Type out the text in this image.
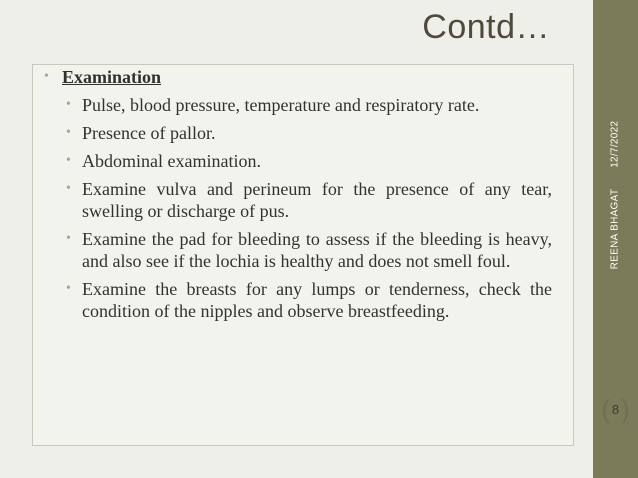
Contd…
• Examination
• Pulse, blood pressure, temperature and respiratory rate.
• Presence of pallor.
• Abdominal examination.
• Examine vulva and perineum for the presence of any tear, swelling or discharge of pus.
• Examine the pad for bleeding to assess if the bleeding is heavy, and also see if the lochia is healthy and does not smell foul.
• Examine the breasts for any lumps or tenderness, check the condition of the nipples and observe breastfeeding.
REENA BHAGAT 12/7/2022
( 8 )
